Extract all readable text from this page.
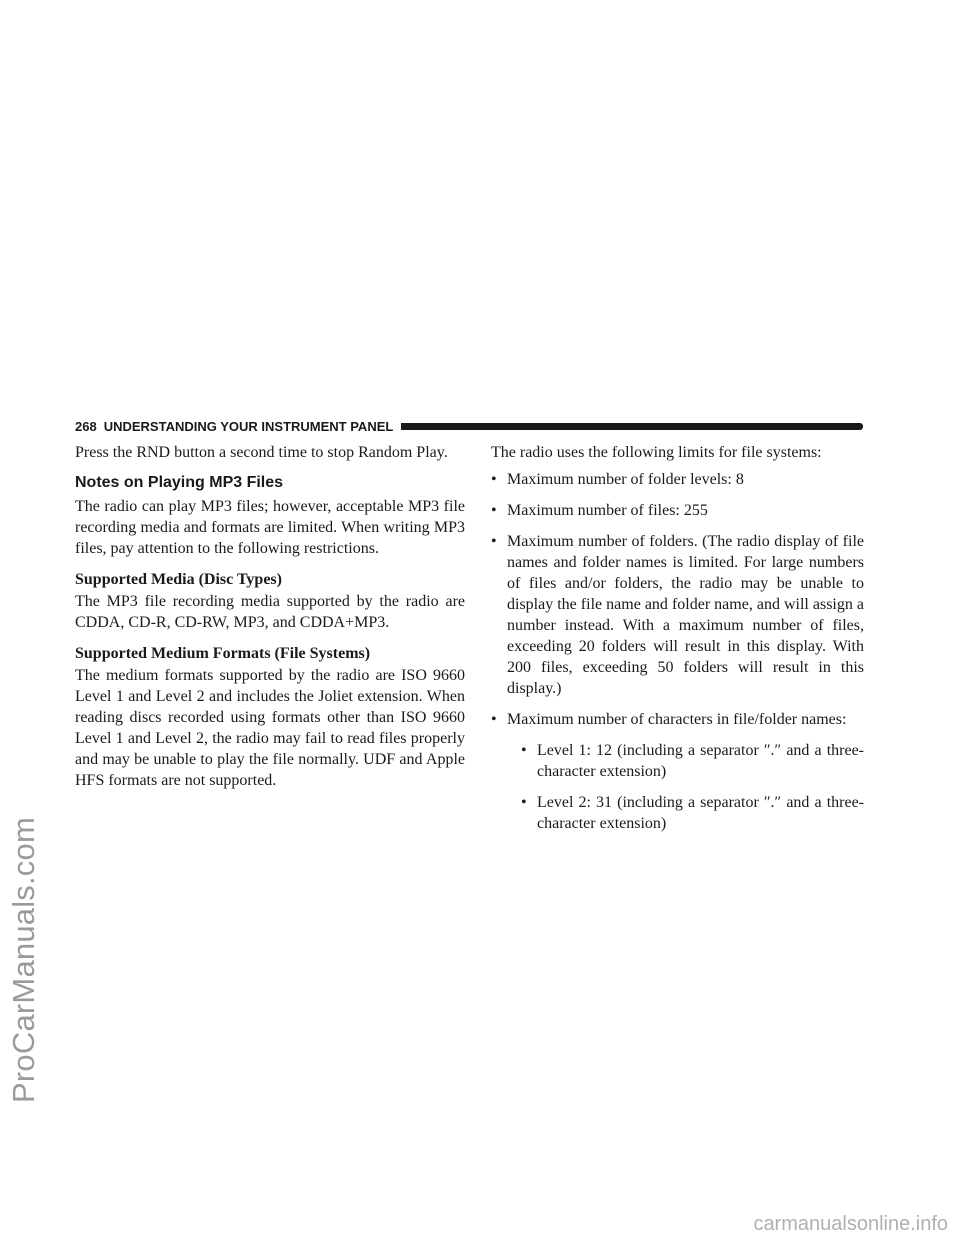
ProCarManuals.com
268 UNDERSTANDING YOUR INSTRUMENT PANEL

Press the RND button a second time to stop Random Play.

Notes on Playing MP3 Files

The radio can play MP3 files; however, acceptable MP3 file recording media and formats are limited. When writing MP3 files, pay attention to the following restrictions.

Supported Media (Disc Types)

The MP3 file recording media supported by the radio are CDDA, CD-R, CD-RW, MP3, and CDDA+MP3.

Supported Medium Formats (File Systems)

The medium formats supported by the radio are ISO 9660 Level 1 and Level 2 and includes the Joliet extension. When reading discs recorded using formats other than ISO 9660 Level 1 and Level 2, the radio may fail to read files properly and may be unable to play the file normally. UDF and Apple HFS formats are not supported.

The radio uses the following limits for file systems:

• Maximum number of folder levels: 8
• Maximum number of files: 255
• Maximum number of folders. (The radio display of file names and folder names is limited. For large numbers of files and/or folders, the radio may be unable to display the file name and folder name, and will assign a number instead. With a maximum number of files, exceeding 20 folders will result in this display. With 200 files, exceeding 50 folders will result in this display.)
• Maximum number of characters in file/folder names:
• Level 1: 12 (including a separator ″.″ and a three-character extension)
• Level 2: 31 (including a separator ″.″ and a three-character extension)
carmanualsonline.info
